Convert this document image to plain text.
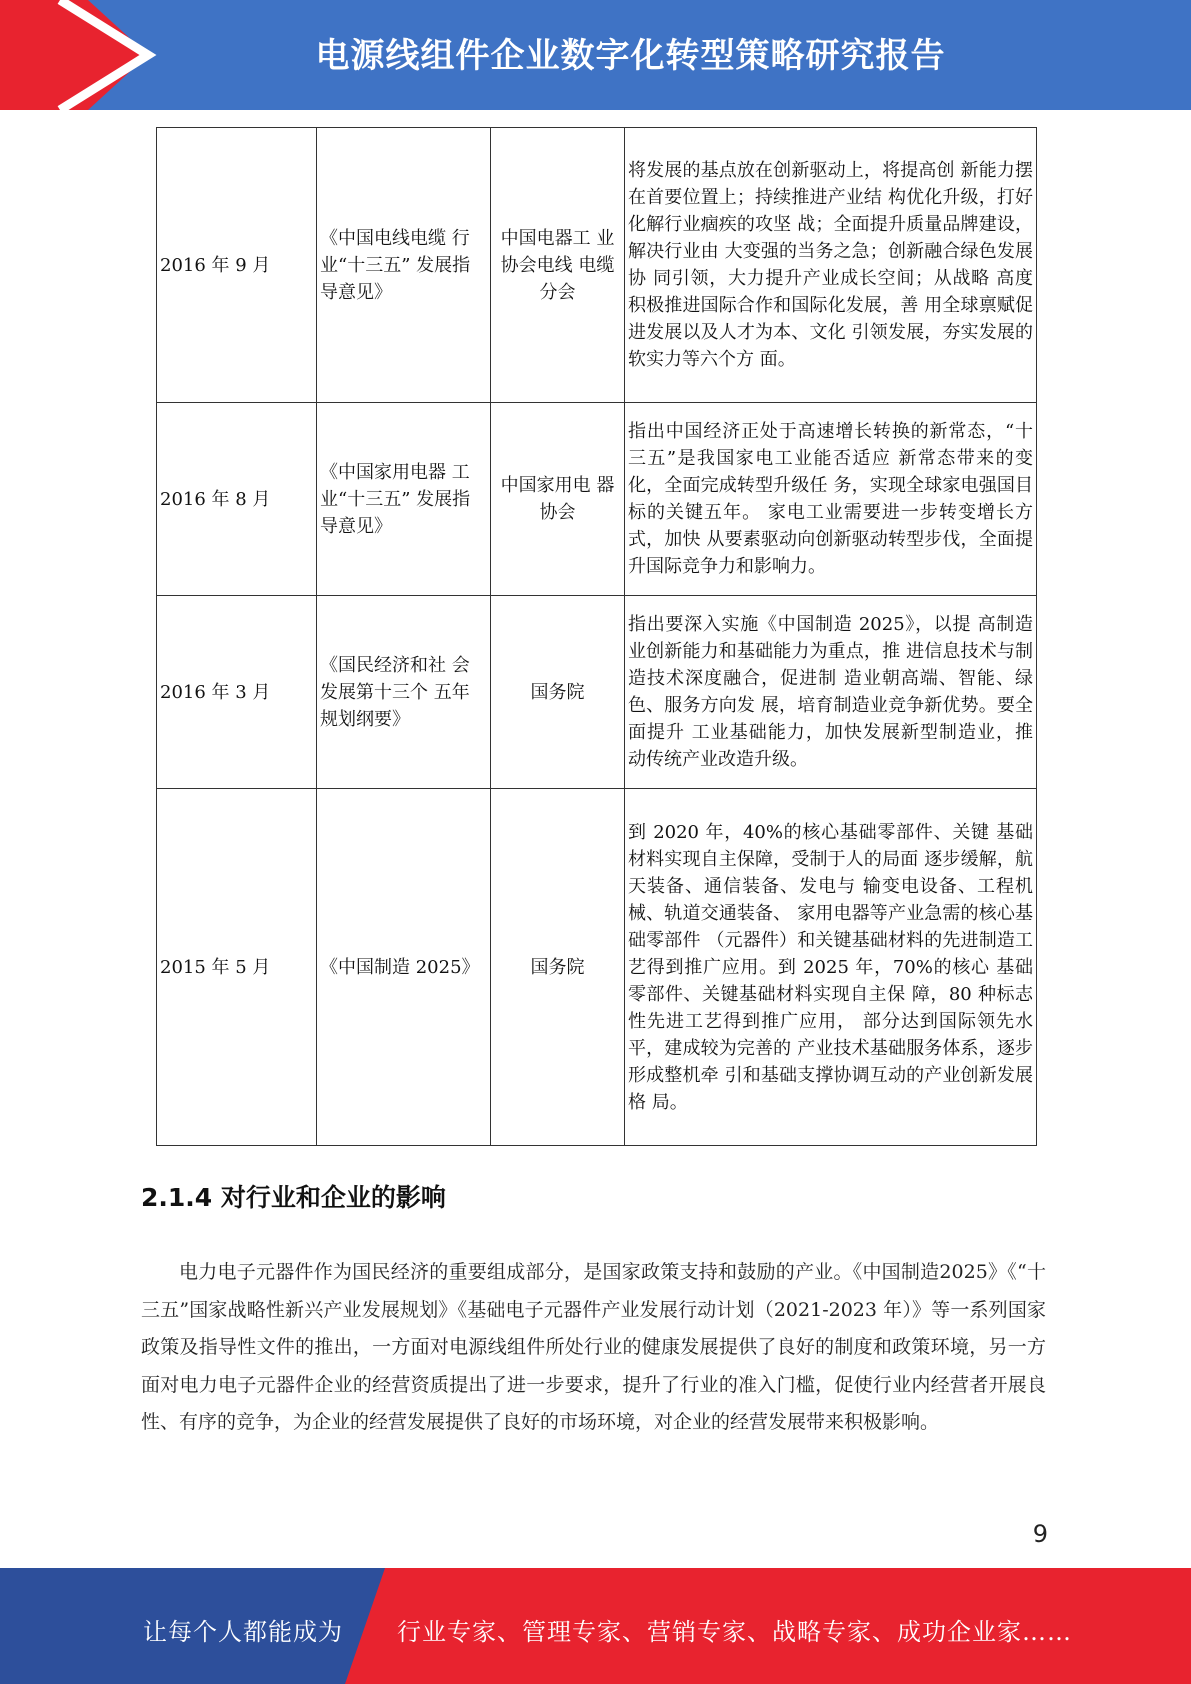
电源线组件企业数字化转型策略研究报告
2016 年 9 月	《中国电线电缆 行业“十三五” 发展指导意见》	中国电器工 业协会电线 电缆分会	将发展的基点放在创新驱动上，将提高创 新能力摆在首要位置上；持续推进产业结 构优化升级，打好化解行业痼疾的攻坚 战；全面提升质量品牌建设，解决行业由 大变强的当务之急；创新融合绿色发展协 同引领，大力提升产业成长空间；从战略 高度积极推进国际合作和国际化发展，善 用全球禀赋促进发展以及人才为本、文化 引领发展，夯实发展的软实力等六个方 面。
2016 年 8 月	《中国家用电器 工业“十三五” 发展指导意见》	中国家用电 器协会	指出中国经济正处于高速增长转换的新常态，“十三五”是我国家电工业能否适应 新常态带来的变化，全面完成转型升级任 务，实现全球家电强国目标的关键五年。 家电工业需要进一步转变增长方式，加快 从要素驱动向创新驱动转型步伐，全面提 升国际竞争力和影响力。
2016 年 3 月	《国民经济和社 会发展第十三个 五年规划纲要》	国务院	指出要深入实施《中国制造 2025》，以提 高制造业创新能力和基础能力为重点，推 进信息技术与制造技术深度融合，促进制 造业朝高端、智能、绿色、服务方向发 展，培育制造业竞争新优势。要全面提升 工业基础能力，加快发展新型制造业，推 动传统产业改造升级。
2015 年 5 月	《中国制造 2025》	国务院	到 2020 年，40%的核心基础零部件、关键 基础材料实现自主保障，受制于人的局面 逐步缓解，航天装备、通信装备、发电与 输变电设备、工程机械、轨道交通装备、 家用电器等产业急需的核心基础零部件 （元器件）和关键基础材料的先进制造工 艺得到推广应用。到 2025 年，70%的核心 基础零部件、关键基础材料实现自主保 障，80 种标志性先进工艺得到推广应用， 部分达到国际领先水平，建成较为完善的 产业技术基础服务体系，逐步形成整机牵 引和基础支撑协调互动的产业创新发展格 局。
2.1.4 对行业和企业的影响
电力电子元器件作为国民经济的重要组成部分，是国家政策支持和鼓励的产业。《中国制造2025》《“十三五”国家战略性新兴产业发展规划》《基础电子元器件产业发展行动计划（2021-2023 年）》等一系列国家政策及指导性文件的推出，一方面对电源线组件所处行业的健康发展提供了良好的制度和政策环境，另一方面对电力电子元器件企业的经营资质提出了进一步要求，提升了行业的准入门槛，促使行业内经营者开展良性、有序的竞争，为企业的经营发展提供了良好的市场环境，对企业的经营发展带来积极影响。
9
让每个人都能成为 行业专家、管理专家、营销专家、战略专家、成功企业家……
